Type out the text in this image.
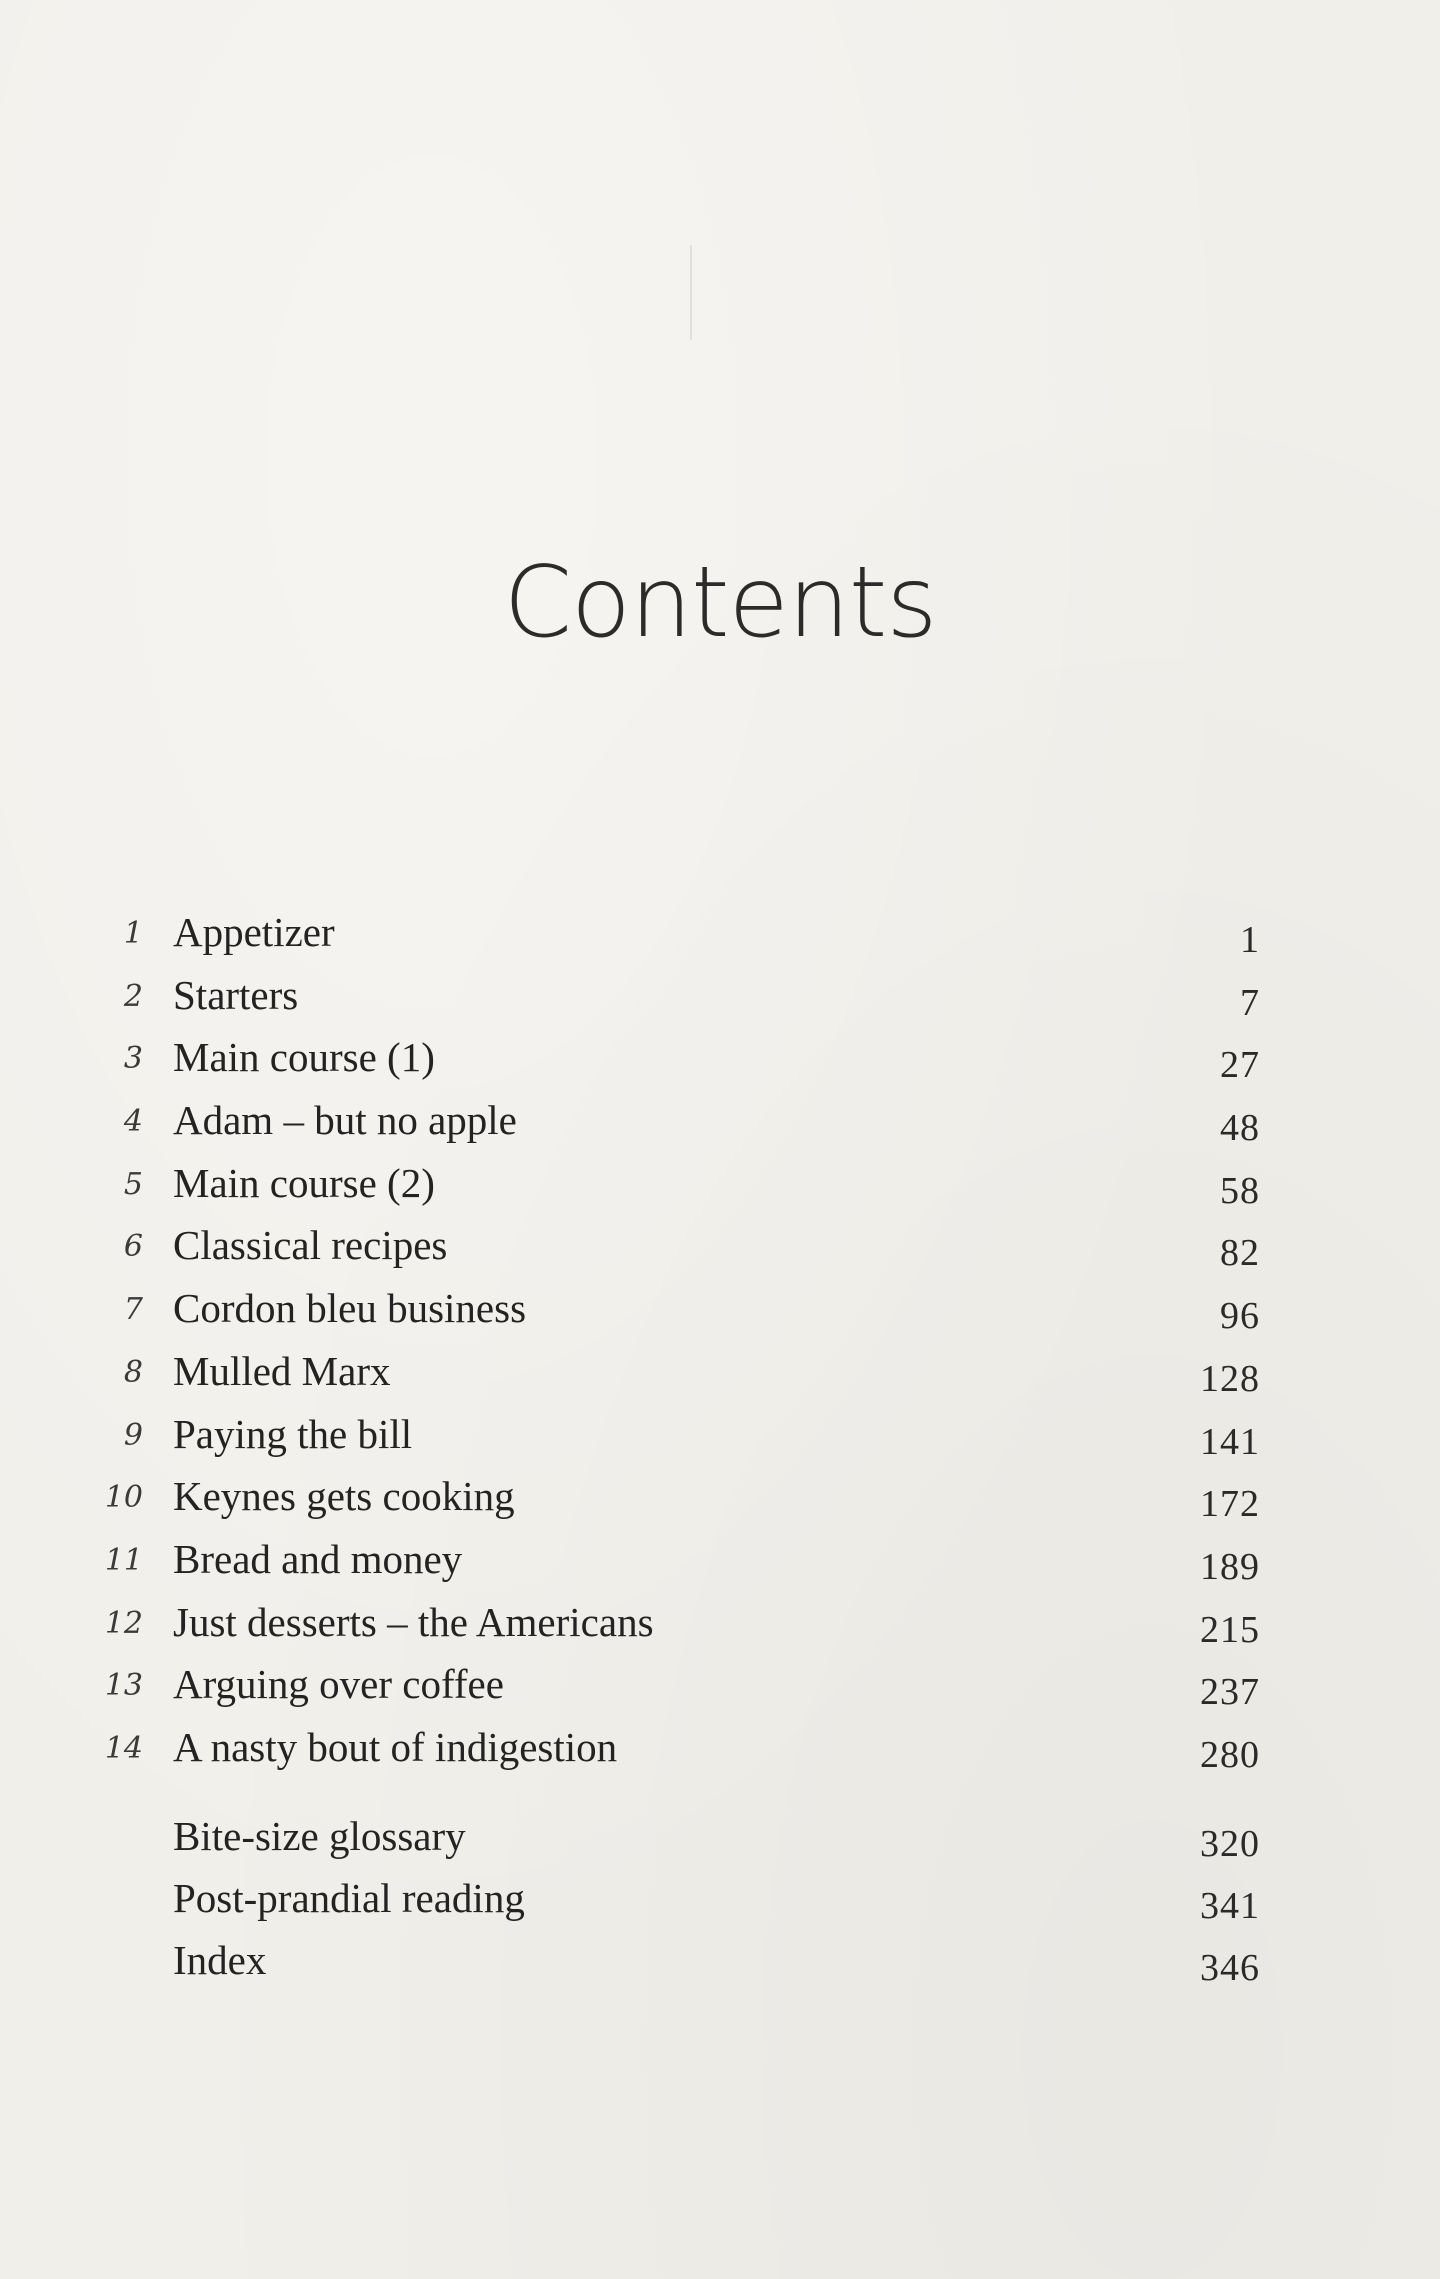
Contents
1 Appetizer	1
2 Starters	7
3 Main course (1)	27
4 Adam – but no apple	48
5 Main course (2)	58
6 Classical recipes	82
7 Cordon bleu business	96
8 Mulled Marx	128
9 Paying the bill	141
10 Keynes gets cooking	172
11 Bread and money	189
12 Just desserts – the Americans	215
13 Arguing over coffee	237
14 A nasty bout of indigestion	280
Bite-size glossary	320
Post-prandial reading	341
Index	346
